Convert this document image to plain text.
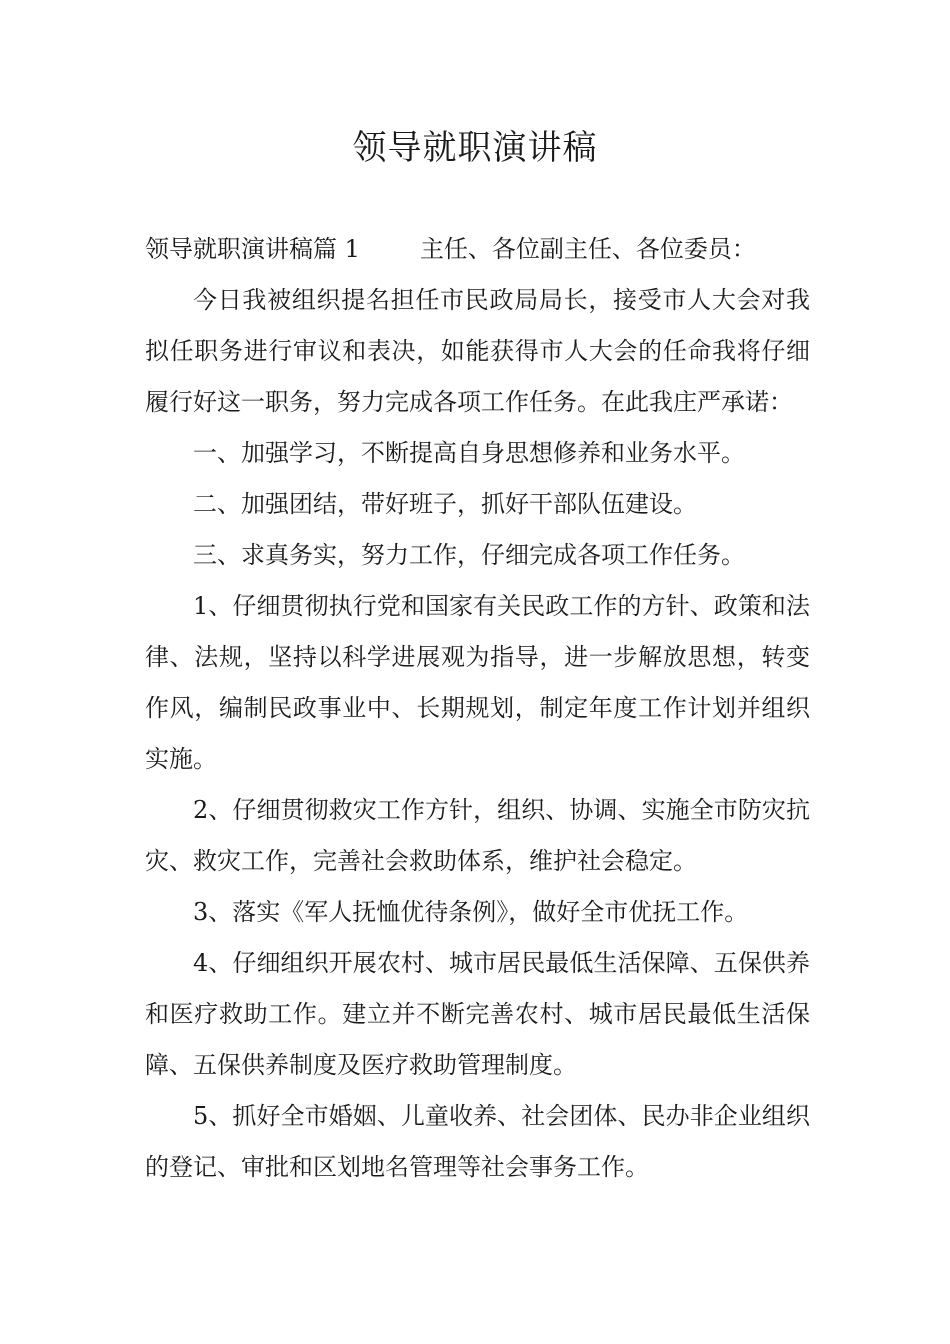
领导就职演讲稿

领导就职演讲稿篇 1	主任、各位副主任、各位委员：

今日我被组织提名担任市民政局局长，接受市人大会对我拟任职务进行审议和表决，如能获得市人大会的任命我将仔细履行好这一职务，努力完成各项工作任务。在此我庄严承诺：

一、加强学习，不断提高自身思想修养和业务水平。

二、加强团结，带好班子，抓好干部队伍建设。

三、求真务实，努力工作，仔细完成各项工作任务。

1、仔细贯彻执行党和国家有关民政工作的方针、政策和法律、法规，坚持以科学进展观为指导，进一步解放思想，转变作风，编制民政事业中、长期规划，制定年度工作计划并组织实施。

2、仔细贯彻救灾工作方针，组织、协调、实施全市防灾抗灾、救灾工作，完善社会救助体系，维护社会稳定。

3、落实《军人抚恤优待条例》，做好全市优抚工作。

4、仔细组织开展农村、城市居民最低生活保障、五保供养和医疗救助工作。建立并不断完善农村、城市居民最低生活保障、五保供养制度及医疗救助管理制度。

5、抓好全市婚姻、儿童收养、社会团体、民办非企业组织的登记、审批和区划地名管理等社会事务工作。
